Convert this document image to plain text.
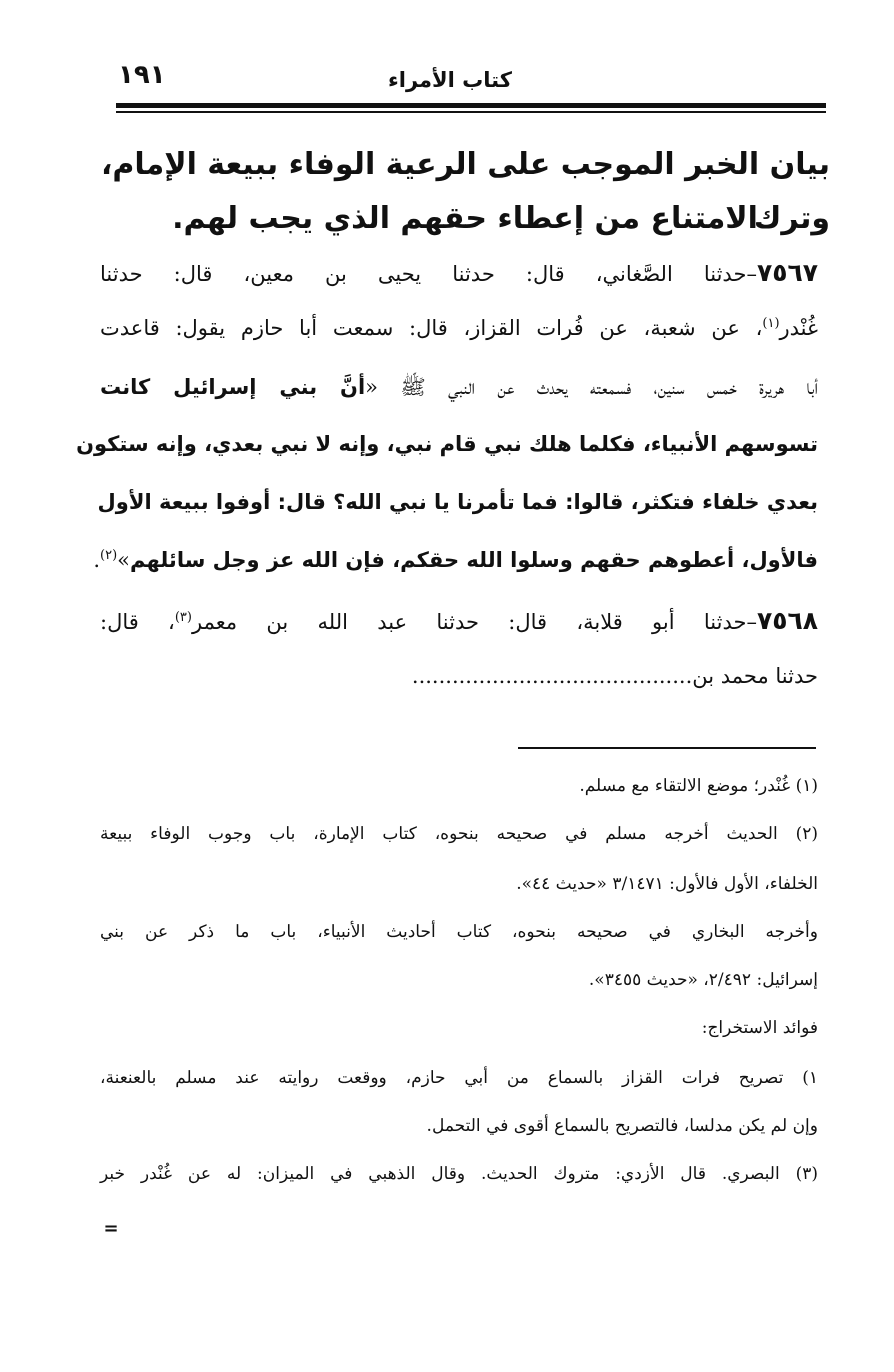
كتاب الأمراء
١٩١
بيان الخبر الموجب على الرعية الوفاء ببيعة الإمام، وترك
الامتناع من إعطاء حقهم الذي يجب لهم.
٧٥٦٧–حدثنا الصَّغاني، قال: حدثنا يحيى بن معين، قال: حدثنا
غُنْدر$^{(١)}$، عن شعبة، عن فُرات القزاز، قال: سمعت أبا حازم يقول: قاعدت
أبا هريرة خمس سنين، فسمعته يحدث عن النبي ﷺ «أنَّ بني إسرائيل كانت
تسوسهم الأنبياء، فكلما هلك نبي قام نبي، وإنه لا نبي بعدي، وإنه ستكون
بعدي خلفاء فتكثر، قالوا: فما تأمرنا يا نبي الله؟ قال: أوفوا ببيعة الأول
فالأول، أعطوهم حقهم وسلوا الله حقكم، فإن الله عز وجل سائلهم»$^{(٢)}$.
٧٥٦٨–حدثنا أبو قلابة، قال: حدثنا عبد الله بن معمر$^{(٣)}$، قال:
حدثنا محمد بن..........................................
(١) غُنْدر؛ موضع الالتقاء مع مسلم.
(٢) الحديث أخرجه مسلم في صحيحه بنحوه، كتاب الإمارة، باب وجوب الوفاء ببيعة
الخلفاء، الأول فالأول: ٣/١٤٧١ «حديث ٤٤».
وأخرجه البخاري في صحيحه بنحوه، كتاب أحاديث الأنبياء، باب ما ذكر عن بني
إسرائيل: ٢/٤٩٢، «حديث ٣٤٥٥».
فوائد الاستخراج:
١) تصريح فرات القزاز بالسماع من أبي حازم، ووقعت روايته عند مسلم بالعنعنة،
وإن لم يكن مدلسا، فالتصريح بالسماع أقوى في التحمل.
(٣) البصري. قال الأزدي: متروك الحديث. وقال الذهبي في الميزان: له عن غُنْدر خبر
=
